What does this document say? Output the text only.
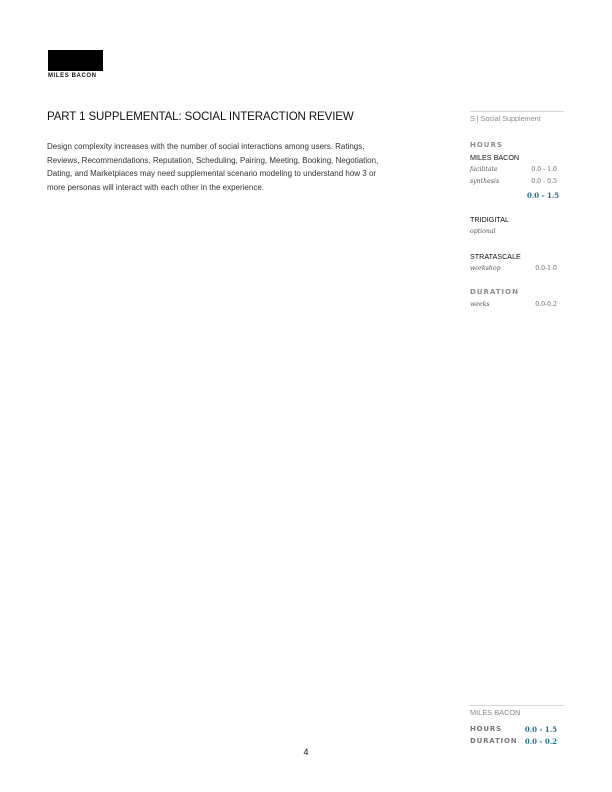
MILES BACON
PART 1 SUPPLEMENTAL: SOCIAL INTERACTION REVIEW

Design complexity increases with the number of social interactions among users. Ratings, Reviews, Recommendations, Reputation, Scheduling, Pairing, Meeting, Booking, Negotiation, Dating, and Marketplaces may need supplemental scenario modeling to understand how 3 or more personas will interact with each other in the experience.

S | Social Supplement
HOURS
MILES BACON
facilitate	0.0 - 1.0
synthesis	0.0 - 0.5
0.0 - 1.5
TRIDIGITAL
optional
STRATASCALE
workshop	0.0-1.0
DURATION
weeks	0.0-0.2
MILES BACON
HOURS	0.0 - 1.5
DURATION 0.0 - 0.2
4
